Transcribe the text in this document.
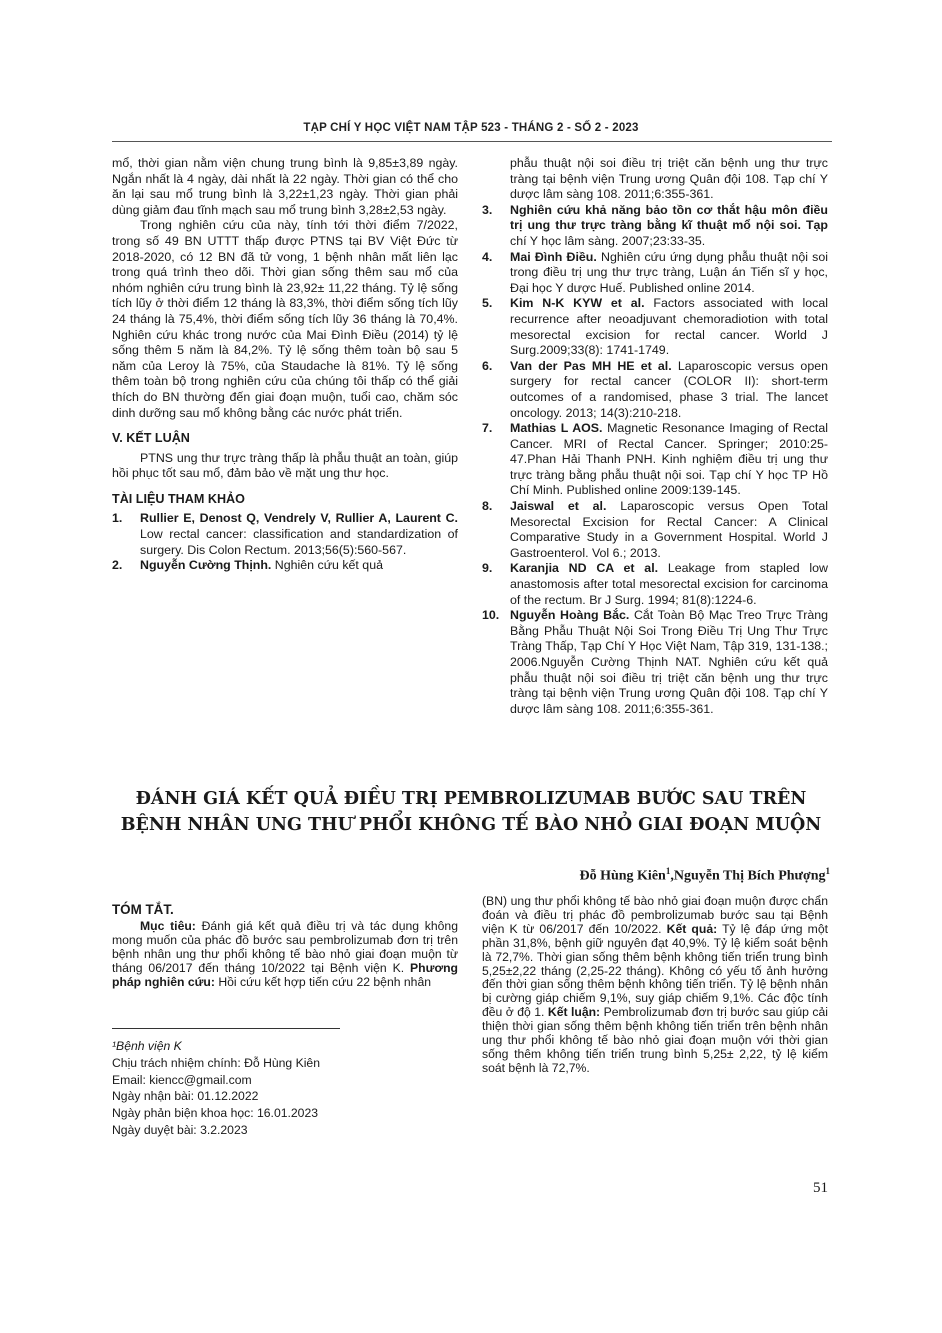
TẠP CHÍ Y HỌC VIỆT NAM TẬP 523 - THÁNG 2 - SỐ 2 - 2023

mổ, thời gian nằm viện chung trung bình là 9,85±3,89 ngày. Ngắn nhất là 4 ngày, dài nhất là 22 ngày. Thời gian có thể cho ăn lại sau mổ trung bình là 3,22±1,23 ngày. Thời gian phải dùng giảm đau tĩnh mạch sau mổ trung bình 3,28±2,53 ngày.

Trong nghiên cứu của này, tính tới thời điểm 7/2022, trong số 49 BN UTTT thấp được PTNS tại BV Việt Đức từ 2018-2020, có 12 BN đã tử vong, 1 bệnh nhân mất liên lạc trong quá trình theo dõi. Thời gian sống thêm sau mổ của nhóm nghiên cứu trung bình là 23,92± 11,22 tháng. Tỷ lệ sống tích lũy ở thời điểm 12 tháng là 83,3%, thời điểm sống tích lũy 24 tháng là 75,4%, thời điểm sống tích lũy 36 tháng là 70,4%. Nghiên cứu khác trong nước của Mai Đình Điều (2014) tỷ lệ sống thêm 5 năm là 84,2%. Tỷ lệ sống thêm toàn bộ sau 5 năm của Leroy là 75%, của Staudache là 81%. Tỷ lệ sống thêm toàn bộ trong nghiên cứu của chúng tôi thấp có thể giải thích do BN thường đến giai đoạn muộn, tuổi cao, chăm sóc dinh dưỡng sau mổ không bằng các nước phát triển.

V. KẾT LUẬN

PTNS ung thư trực tràng thấp là phẫu thuật an toàn, giúp hồi phục tốt sau mổ, đảm bảo về mặt ung thư học.

TÀI LIỆU THAM KHẢO
1.	Rullier E, Denost Q, Vendrely V, Rullier A, Laurent C. Low rectal cancer: classification and standardization of surgery. Dis Colon Rectum. 2013;56(5):560-567.
2.	Nguyễn Cường Thịnh. Nghiên cứu kết quả
phẫu thuật nội soi điều trị triệt căn bệnh ung thư trực tràng tại bệnh viện Trung ương Quân đội 108. Tạp chí Y dược lâm sàng 108. 2011;6:355-361.
3.	Nghiên cứu khả năng bảo tồn cơ thắt hậu môn điều trị ung thư trực tràng bằng kĩ thuật mổ nội soi. Tạp chí Y học lâm sàng. 2007;23:33-35.
4.	Mai Đình Điều. Nghiên cứu ứng dụng phẫu thuật nội soi trong điều trị ung thư trực tràng, Luận án Tiến sĩ y học, Đại học Y dược Huế. Published online 2014.
5.	Kim N-K KYW et al. Factors associated with local recurrence after neoadjuvant chemoradiotion with total mesorectal excision for rectal cancer. World J Surg.2009;33(8): 1741-1749.
6.	Van der Pas MH HE et al. Laparoscopic versus open surgery for rectal cancer (COLOR II): short-term outcomes of a randomised, phase 3 trial. The lancet oncology. 2013; 14(3):210-218.
7.	Mathias L AOS. Magnetic Resonance Imaging of Rectal Cancer. MRI of Rectal Cancer. Springer; 2010:25-47.Phan Hải Thanh PNH. Kinh nghiệm điều trị ung thư trực tràng bằng phẫu thuật nội soi. Tạp chí Y học TP Hồ Chí Minh. Published online 2009:139-145.
8.	Jaiswal et al. Laparoscopic versus Open Total Mesorectal Excision for Rectal Cancer: A Clinical Comparative Study in a Government Hospital. World J Gastroenterol. Vol 6.; 2013.
9.	Karanjia ND CA et al. Leakage from stapled low anastomosis after total mesorectal excision for carcinoma of the rectum. Br J Surg. 1994; 81(8):1224-6.
10. Nguyễn Hoàng Bắc. Cắt Toàn Bộ Mạc Treo Trực Tràng Bằng Phẫu Thuật Nội Soi Trong Điều Trị Ung Thư Trực Tràng Thấp, Tạp Chí Y Học Việt Nam, Tập 319, 131-138.; 2006.Nguyễn Cường Thịnh NAT. Nghiên cứu kết quả phẫu thuật nội soi điều trị triệt căn bệnh ung thư trực tràng tại bệnh viện Trung ương Quân đội 108. Tạp chí Y dược lâm sàng 108. 2011;6:355-361.
ĐÁNH GIÁ KẾT QUẢ ĐIỀU TRỊ PEMBROLIZUMAB BƯỚC SAU TRÊN
BỆNH NHÂN UNG THƯ PHỔI KHÔNG TẾ BÀO NHỎ GIAI ĐOẠN MUỘN
Đỗ Hùng Kiên$^1$,Nguyễn Thị Bích Phượng$^1$
TÓM TẮT.

Mục tiêu: Đánh giá kết quả điều trị và tác dụng không mong muốn của phác đồ bước sau pembrolizumab đơn trị trên bệnh nhân ung thư phổi không tế bào nhỏ giai đoạn muộn từ tháng 06/2017 đến tháng 10/2022 tại Bệnh viện K. Phương pháp nghiên cứu: Hồi cứu kết hợp tiến cứu 22 bệnh nhân

(BN) ung thư phổi không tế bào nhỏ giai đoạn muộn được chẩn đoán và điều trị phác đồ pembrolizumab bước sau tại Bệnh viện K từ 06/2017 đến 10/2022. Kết quả: Tỷ lệ đáp ứng một phần 31,8%, bệnh giữ nguyên đạt 40,9%. Tỷ lệ kiểm soát bệnh là 72,7%. Thời gian sống thêm bệnh không tiến triển trung bình 5,25±2,22 tháng (2,25-22 tháng). Không có yếu tố ảnh hưởng đến thời gian sống thêm bệnh không tiến triển. Tỷ lệ bệnh nhân bị cường giáp chiếm 9,1%, suy giáp chiếm 9,1%. Các độc tính đều ở độ 1. Kết luận: Pembrolizumab đơn trị bước sau giúp cải thiện thời gian sống thêm bệnh không tiến triển trên bệnh nhân ung thư phổi không tế bào nhỏ giai đoạn muộn với thời gian sống thêm không tiến triển trung bình 5,25± 2,22, tỷ lệ kiểm soát bệnh là 72,7%.

¹Bệnh viện K
Chịu trách nhiệm chính: Đỗ Hùng Kiên
Email: kiencc@gmail.com
Ngày nhận bài: 01.12.2022
Ngày phản biện khoa học: 16.01.2023
Ngày duyệt bài: 3.2.2023
51
